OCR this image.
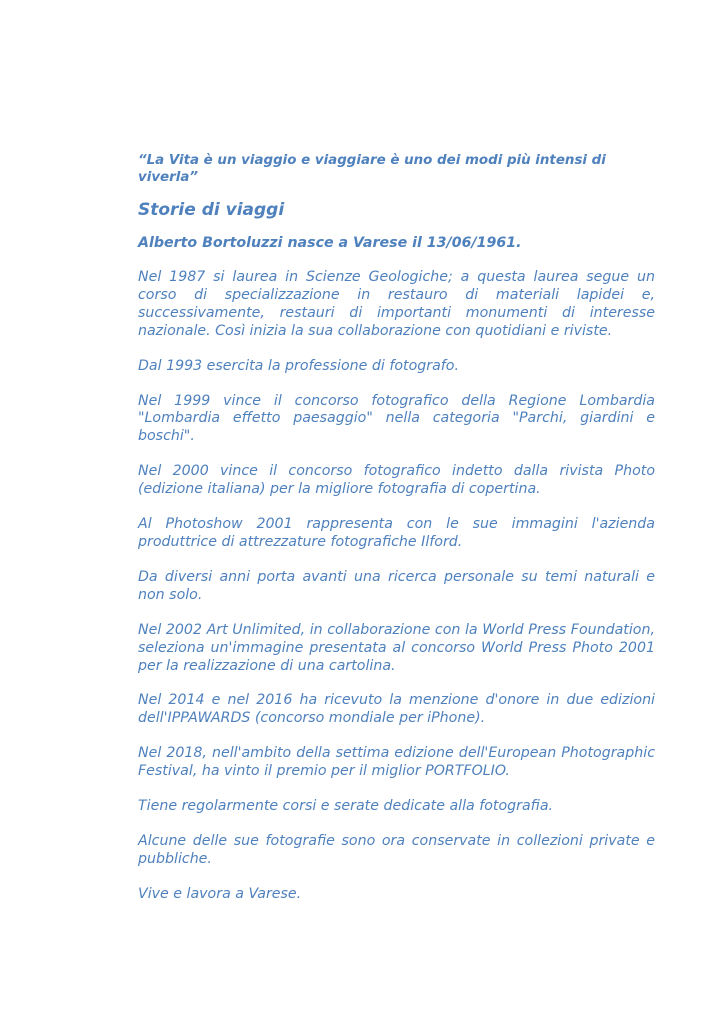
“La Vita è un viaggio e viaggiare è uno dei modi più intensi di viverla”

Storie di viaggi

Alberto Bortoluzzi nasce a Varese il 13/06/1961.

Nel 1987 si laurea in Scienze Geologiche; a questa laurea segue un corso di specializzazione in restauro di materiali lapidei e, successivamente, restauri di importanti monumenti di interesse nazionale. Così inizia la sua collaborazione con quotidiani e riviste.

Dal 1993 esercita la professione di fotografo.

Nel 1999 vince il concorso fotografico della Regione Lombardia "Lombardia effetto paesaggio" nella categoria "Parchi, giardini e boschi".

Nel 2000 vince il concorso fotografico indetto dalla rivista Photo (edizione italiana) per la migliore fotografia di copertina.

Al Photoshow 2001 rappresenta con le sue immagini l'azienda produttrice di attrezzature fotografiche Ilford.

Da diversi anni porta avanti una ricerca personale su temi naturali e non solo.

Nel 2002 Art Unlimited, in collaborazione con la World Press Foundation, seleziona un'immagine presentata al concorso World Press Photo 2001 per la realizzazione di una cartolina.

Nel 2014 e nel 2016 ha ricevuto la menzione d'onore in due edizioni dell'IPPAWARDS (concorso mondiale per iPhone).

Nel 2018, nell'ambito della settima edizione dell'European Photographic Festival, ha vinto il premio per il miglior PORTFOLIO.

Tiene regolarmente corsi e serate dedicate alla fotografia.

Alcune delle sue fotografie sono ora conservate in collezioni private e pubbliche.

Vive e lavora a Varese.
